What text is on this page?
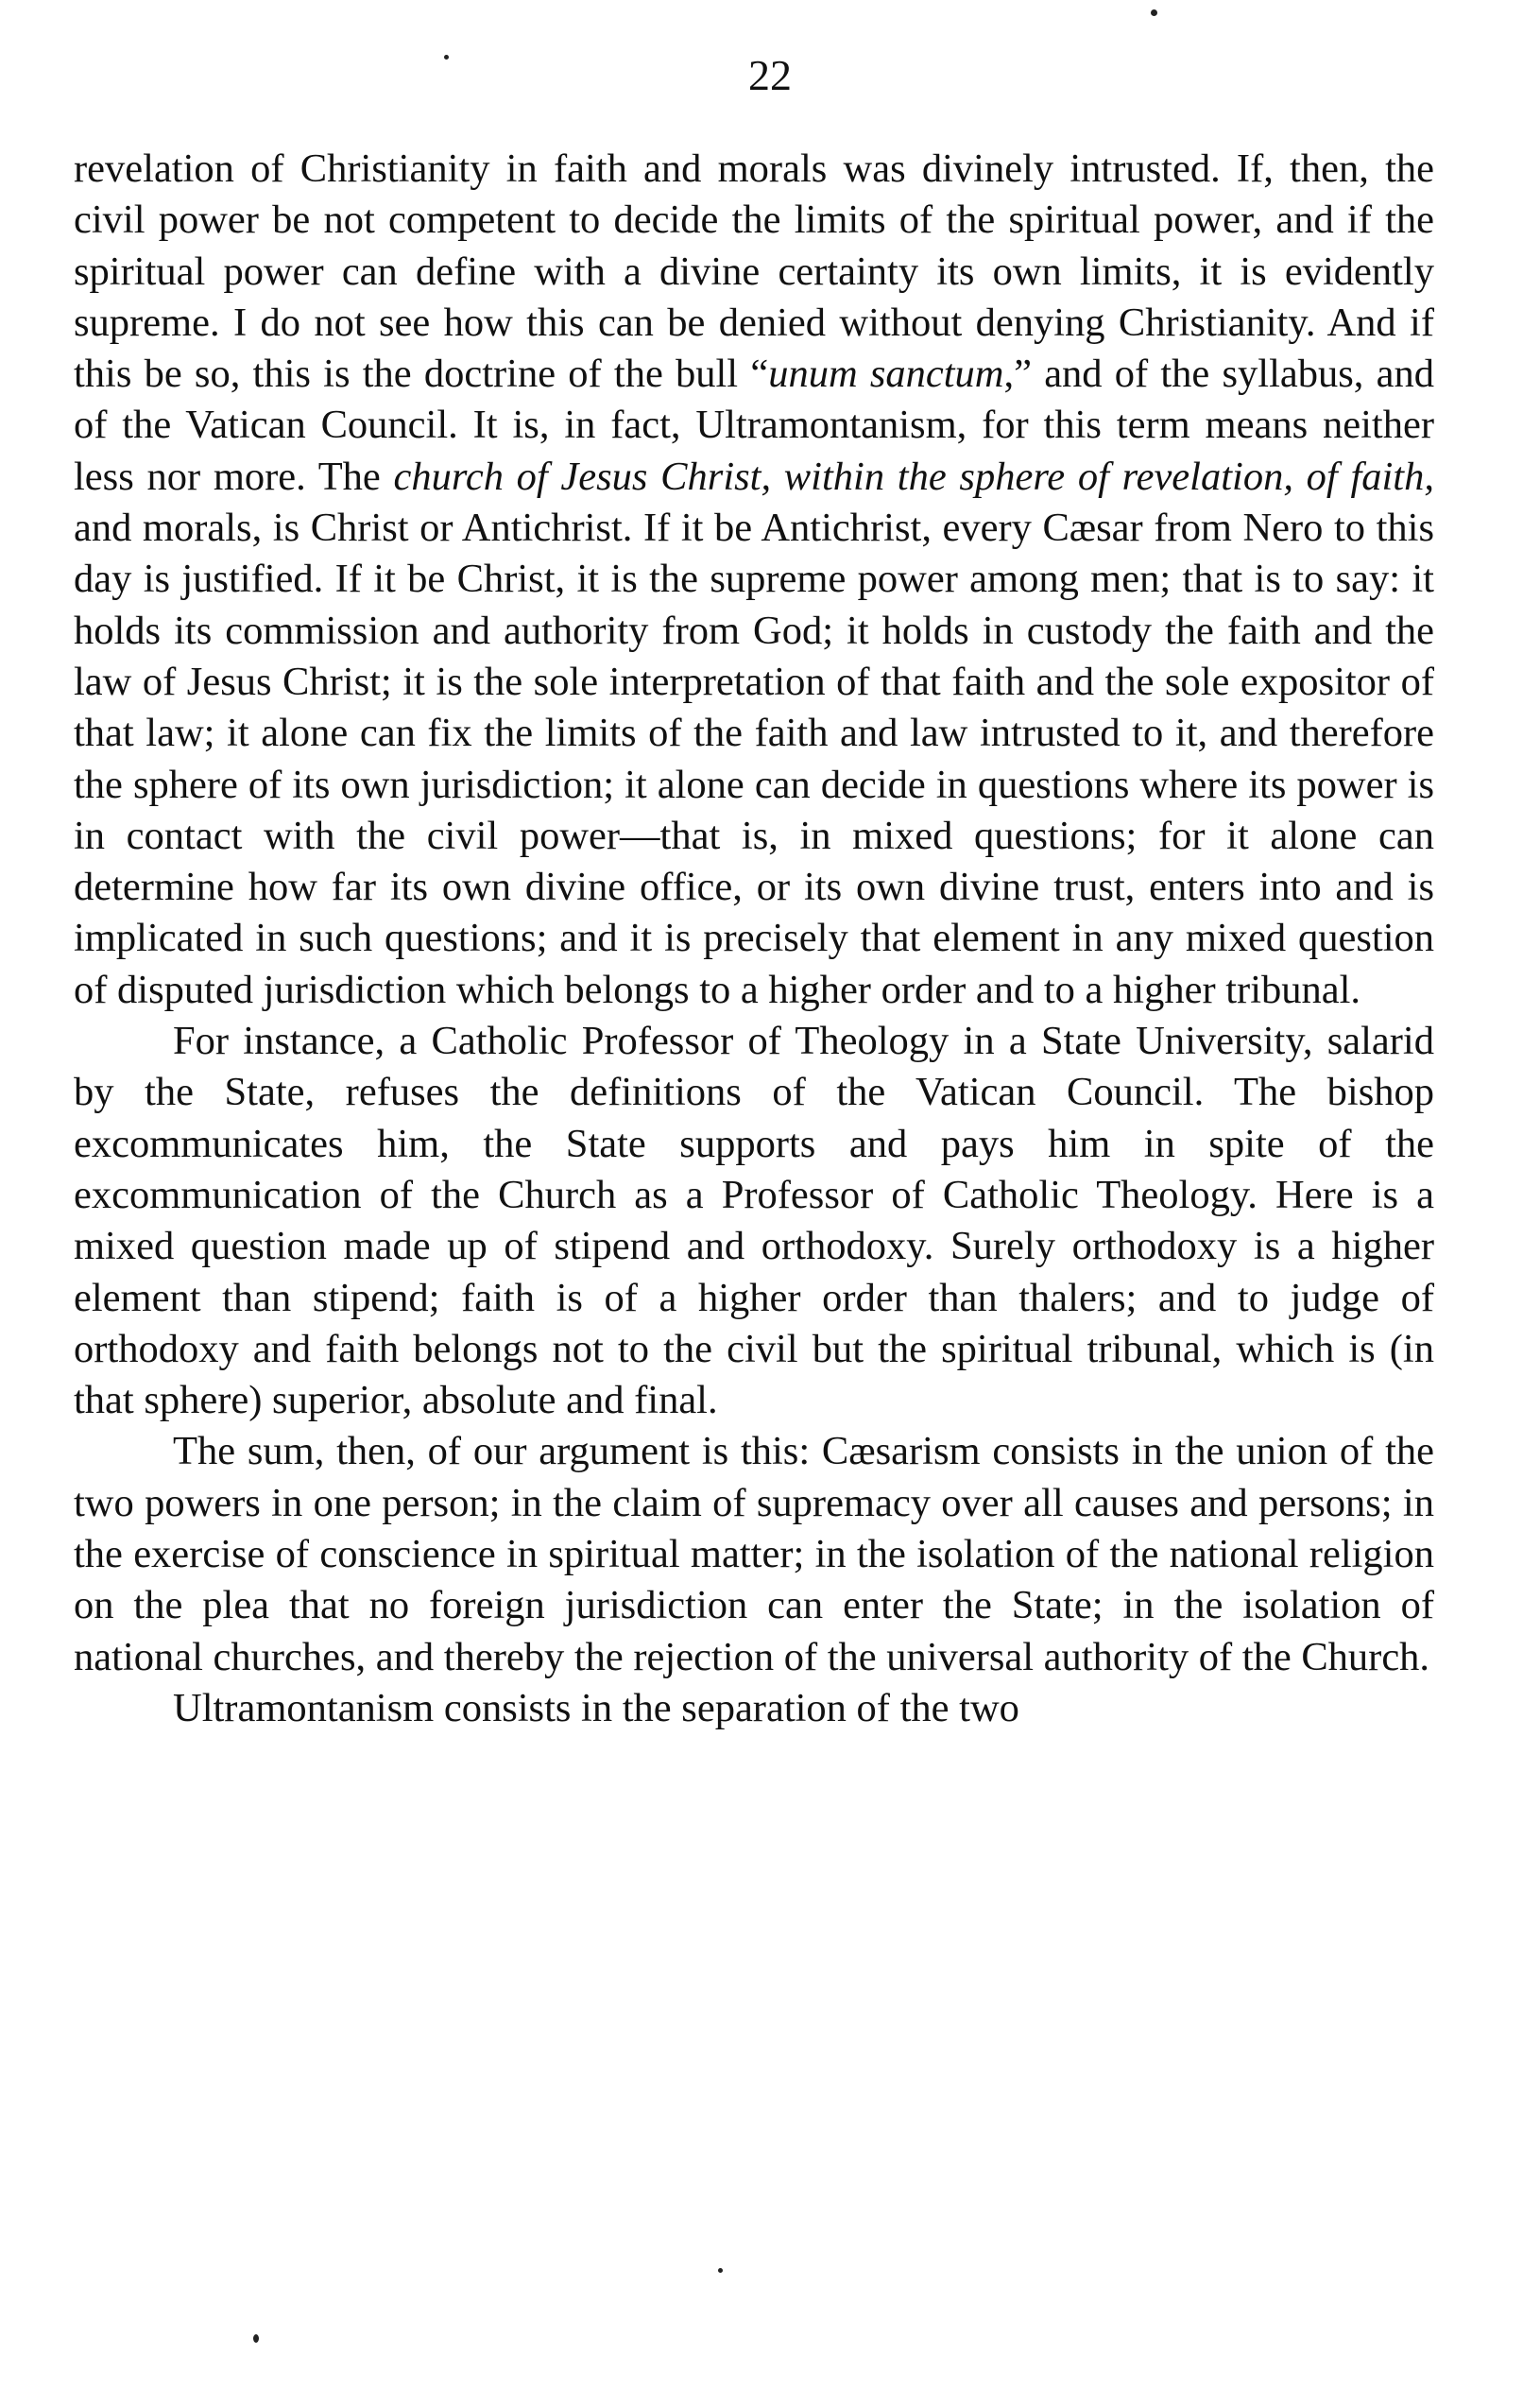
22

revelation of Christianity in faith and morals was divinely intrusted. If, then, the civil power be not competent to decide the limits of the spiritual power, and if the spiritual power can define with a divine certainty its own limits, it is evidently supreme. I do not see how this can be denied without denying Christianity. And if this be so, this is the doctrine of the bull “unum sanctum,” and of the syllabus, and of the Vatican Council. It is, in fact, Ultramontanism, for this term means neither less nor more. The church of Jesus Christ, within the sphere of revelation, of faith, and morals, is Christ or Antichrist. If it be Antichrist, every Cæsar from Nero to this day is justified. If it be Christ, it is the supreme power among men; that is to say: it holds its commission and authority from God; it holds in custody the faith and the law of Jesus Christ; it is the sole interpretation of that faith and the sole expositor of that law; it alone can fix the limits of the faith and law intrusted to it, and therefore the sphere of its own jurisdiction; it alone can decide in questions where its power is in contact with the civil power—that is, in mixed questions; for it alone can determine how far its own divine office, or its own divine trust, enters into and is implicated in such questions; and it is precisely that element in any mixed question of disputed jurisdiction which belongs to a higher order and to a higher tribunal.

For instance, a Catholic Professor of Theology in a State University, salarid by the State, refuses the definitions of the Vatican Council. The bishop excommunicates him, the State supports and pays him in spite of the excommunication of the Church as a Professor of Catholic Theology. Here is a mixed question made up of stipend and orthodoxy. Surely orthodoxy is a higher element than stipend; faith is of a higher order than thalers; and to judge of orthodoxy and faith belongs not to the civil but the spiritual tribunal, which is (in that sphere) superior, absolute and final.

The sum, then, of our argument is this: Cæsarism consists in the union of the two powers in one person; in the claim of supremacy over all causes and persons; in the exercise of conscience in spiritual matter; in the isolation of the national religion on the plea that no foreign jurisdiction can enter the State; in the isolation of national churches, and thereby the rejection of the universal authority of the Church.

Ultramontanism consists in the separation of the two
